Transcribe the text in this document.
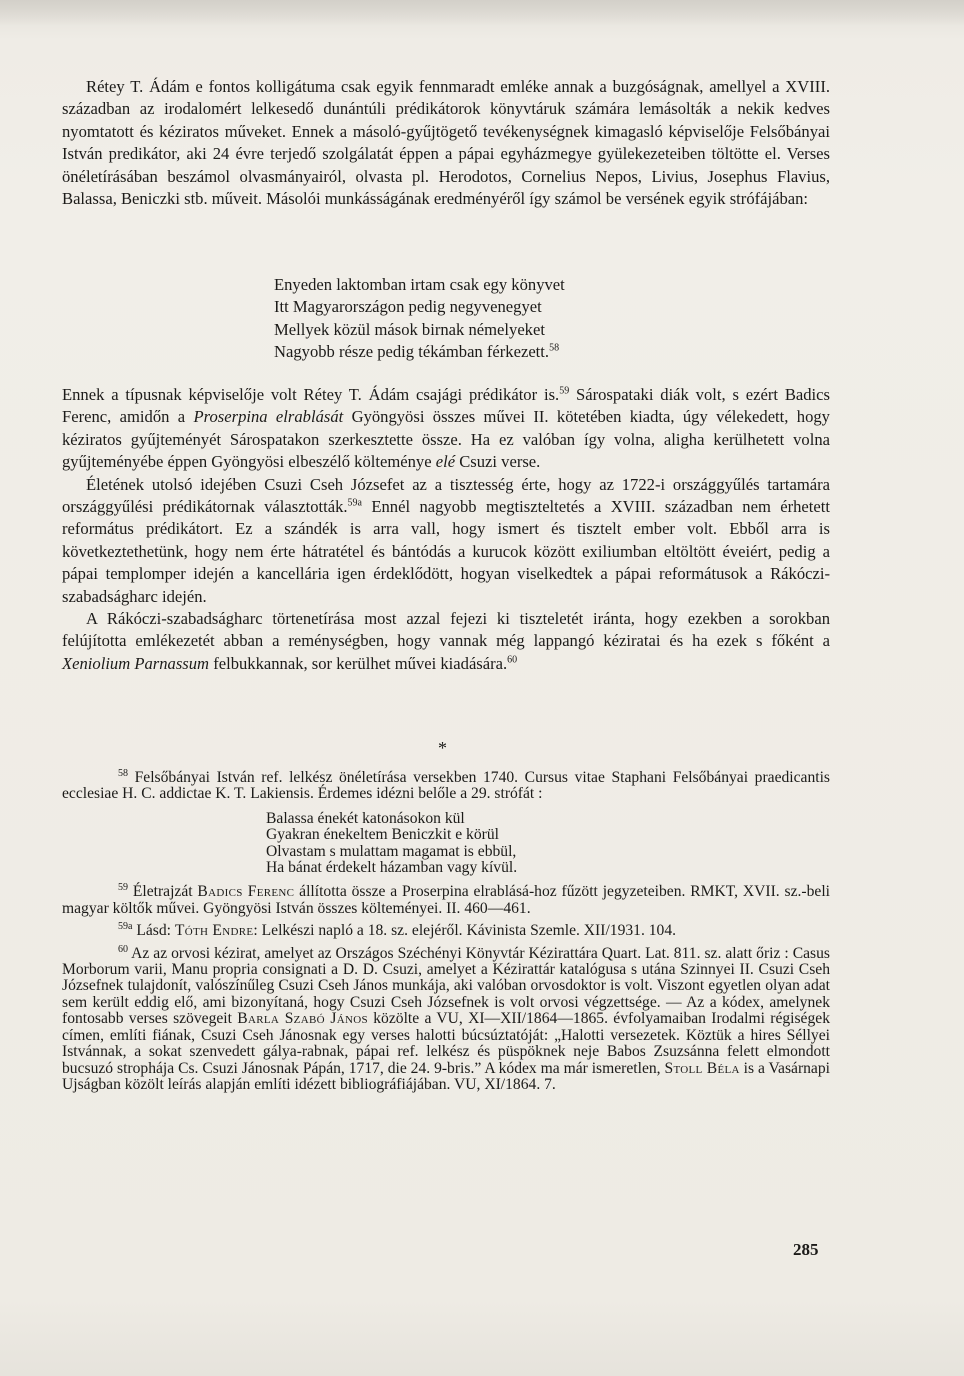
Rétey T. Ádám e fontos kolligátuma csak egyik fennmaradt emléke annak a buzgóságnak, amellyel a XVIII. században az irodalomért lelkesedő dunántúli prédikátorok könyvtáruk számára lemásolták a nekik kedves nyomtatott és kéziratos műveket. Ennek a másoló-gyűjtögető tevékenységnek kimagasló képviselője Felsőbányai István predikátor, aki 24 évre terjedő szolgálatát éppen a pápai egyházmegye gyülekezeteiben töltötte el. Verses önéletírásában beszámol olvasmányairól, olvasta pl. Herodotos, Cornelius Nepos, Livius, Josephus Flavius, Balassa, Beniczki stb. műveit. Másolói munkásságának eredményéről így számol be versének egyik strófájában:

Enyeden laktomban irtam csak egy könyvet
Itt Magyarországon pedig negyvenegyet
Mellyek közül mások birnak némelyeket
Nagyobb része pedig tékámban férkezett.$^{58}$

Ennek a típusnak képviselője volt Rétey T. Ádám csajági prédikátor is.$^{59}$ Sárospataki diák volt, s ezért Badics Ferenc, amidőn a Proserpina elrablását Gyöngyösi összes művei II. kötetében kiadta, úgy vélekedett, hogy kéziratos gyűjteményét Sárospatakon szerkesztette össze. Ha ez valóban így volna, aligha kerülhetett volna gyűjteményébe éppen Gyöngyösi elbeszélő költeménye elé Csuzi verse.

Életének utolsó idejében Csuzi Cseh Józsefet az a tisztesség érte, hogy az 1722-i országgyűlés tartamára országgyűlési prédikátornak választották.$^{59a}$ Ennél nagyobb megtiszteltetés a XVIII. században nem érhetett református prédikátort. Ez a szándék is arra vall, hogy ismert és tisztelt ember volt. Ebből arra is következtethetünk, hogy nem érte hátratétel és bántódás a kurucok között exiliumban eltöltött éveiért, pedig a pápai templomper idején a kancellária igen érdeklődött, hogyan viselkedtek a pápai reformátusok a Rákóczi-szabadságharc idején.

A Rákóczi-szabadságharc törtenetírása most azzal fejezi ki tiszteletét iránta, hogy ezekben a sorokban felújította emlékezetét abban a reménységben, hogy vannak még lappangó kéziratai és ha ezek s főként a Xeniolium Parnassum felbukkannak, sor kerülhet művei kiadására.$^{60}$

*

$^{58}$ Felsőbányai István ref. lelkész önéletírása versekben 1740. Cursus vitae Staphani Felsőbányai praedicantis ecclesiae H. C. addictae K. T. Lakiensis. Érdemes idézni belőle a 29. strófát :

Balassa énekét katonásokon kül
Gyakran énekeltem Beniczkit e körül
Olvastam s mulattam magamat is ebbül,
Ha bánat érdekelt házamban vagy kívül.

$^{59}$ Életrajzát Badics Ferenc állította össze a Proserpina elrablásá-hoz fűzött jegyzeteiben. RMKT, XVII. sz.-beli magyar költők művei. Gyöngyösi István összes költeményei. II. 460—461.

$^{59a}$ Lásd: Tóth Endre: Lelkészi napló a 18. sz. elejéről. Kávinista Szemle. XII/1931. 104.

$^{60}$ Az az orvosi kézirat, amelyet az Országos Széchényi Könyvtár Kézirattára Quart. Lat. 811. sz. alatt őriz : Casus Morborum varii, Manu propria consignati a D. D. Csuzi, amelyet a Kézirattár katalógusa s utána Szinnyei II. Csuzi Cseh Józsefnek tulajdonít, valószínűleg Csuzi Cseh János munkája, aki valóban orvosdoktor is volt. Viszont egyetlen olyan adat sem került eddig elő, ami bizonyítaná, hogy Csuzi Cseh Józsefnek is volt orvosi végzettsége. — Az a kódex, amelynek fontosabb verses szövegeit Barla Szabó János közölte a VU, XI—XII/1864—1865. évfolyamaiban Irodalmi régiségek címen, említi fiának, Csuzi Cseh Jánosnak egy verses halotti búcsúztatóját: „Halotti versezetek. Köztük a hires Séllyei Istvánnak, a sokat szenvedett gálya-rabnak, pápai ref. lelkész és püspöknek neje Babos Zsuzsánna felett elmondott bucsuzó strophája Cs. Csuzi Jánosnak Pápán, 1717, die 24. 9-bris.” A kódex ma már ismeretlen, Stoll Béla is a Vasárnapi Ujságban közölt leírás alapján említi idézett bibliográfiájában. VU, XI/1864. 7.

285
